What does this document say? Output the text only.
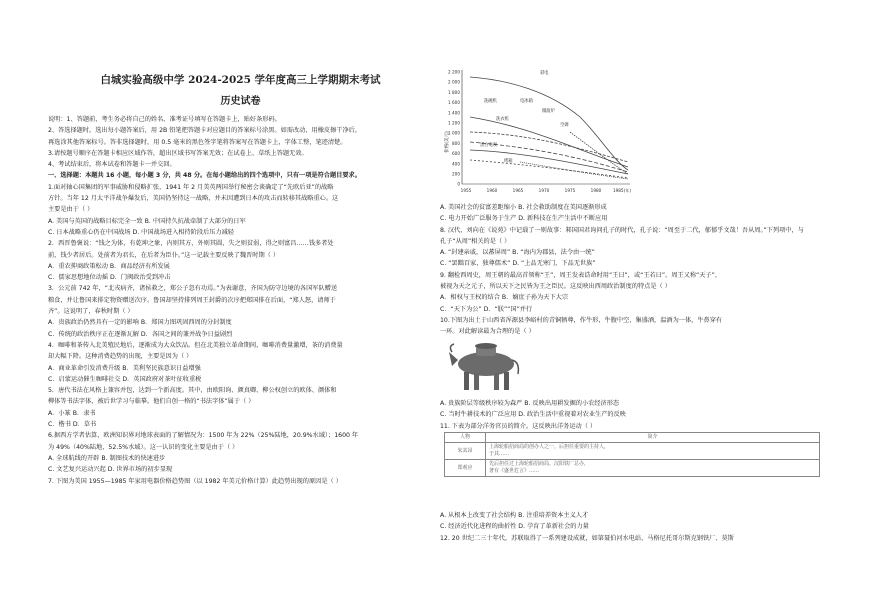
白城实验高级中学 2024-2025 学年度高三上学期期末考试
历史试卷
说明：1、答题前，考生务必将自己的姓名、准考证号填写在答题卡上，贴好条形码。
2、答选择题时，选出每小题答案后，用 2B 铅笔把答题卡对应题目的答案标号涂黑。如需改动，用橡皮擦干净后，
再选涂其他答案标号。答非选择题时，用 0.5 毫米的黑色签字笔将答案写在答题卡上，字体工整，笔迹清楚。
3.请按题号顺序在答题卡相应区域作答，超出区域书写答案无效；在试卷上、草纸上答题无效。
4、考试结束后，将本试卷和答题卡一并交回。
一、选择题：本题共 16 小题，每小题 3 分，共 48 分。在每小题给出的四个选项中，只有一项是符合题目要求。
1.面对轴心国集团的军事威胁和侵略扩张，1941 年 2 月美英两国举行秘密会谈确定了“先欧后亚”的战略
方针。当年 12 月太平洋战争爆发后，美国仍坚持这一战略，并未因遭到日本的攻击而转移其战略重心。这
主要是由于（ ）
A. 美国与英国的战略目标完全一致 B. 中国持久抗战牵制了大部分的日军
C. 日本战略重心仍在中国战场 D. 中国战场进入相持阶段后压力减轻
2．西晋鲁褒说：“钱之为体，有乾坤之象，内则其方，外则其圆，失之则贫弱，得之则富昌……钱多者处
前，钱少者居后。处前者为君长，在后者为臣仆。”这一记载主要反映了魏晋时期（ ）
A．重农抑商政策松动 B．商品经济有所发展
C．儒家思想地位动摇 D．门阀政治受到冲击
3．公元前 742 年，“北戎病齐，诸侯救之，郑公子忽有功焉。”为表谢意，齐国为防守边境的各国军队赠送
粮食，并让鲁国来排定物资赠送次序。鲁国却坚持排列周王封爵的次序把郑国排在后面，“郑人怒，请师于
齐”。这说明了，春秋时期（ ）
A．贵族政治仍然具有一定的影响 B．郑国力图巩固西周的分封制度
C．传统的政治秩序正在逐渐瓦解 D．各国之间的兼并战争日益剧烈
4．咖啡和茶传入北美殖民地后，逐渐成为大众饮品。但在北美独立革命期间，咖啡消费量激增，茶的消费量
却大幅下降。这种消费趋势的出现，主要是因为（ ）
A．商业革命引发消费升级 B．美利坚民族意识日益增强
C．启蒙运动催生咖啡社交 D．英国政府对茶叶征收重税
5．唐代书法在风格上兼容并包，达到一个新高度。其中，由欧阳询、颜真卿、柳公权创立的欧体、颜体和
柳体等书法字体，被后世学习与临摹。他们自创一格的“书法字体”属于（ ）
A．小篆 B．隶书
C．楷书 D．草书
6.据西方学者估算，欧洲知识界对地球表面的了解情况为：1500 年为 22%（25%陆地，20.9%水域）；1600 年
为 49%（40%陆地，52.5%水域）。这一认识的变化主要是由于（ ）
A. 全球航线的开辟 B. 制图技术的快速进步
C. 文艺复兴运动兴起 D. 世界市场的初步显现
7. 下图为美国 1955—1985 年家用电器价格趋势图（以 1982 年美元价格计算）此趋势出现的原因是（ ）
2 200
2 000
1 800
1 600
1 400
1 200
1 000
800
600
400
200
0
价格(美元)
1955	1960	1965	1970	1975	1980	1985(年)
彩电
洗碗机	电冰箱
微波炉
空调
洗衣机
黑白电视
烤箱
A. 美国社会的贫富差距缩小 B. 社会救助制度在美国逐渐形成
C. 电力开始广泛服务于生产 D. 新科技在生产生活中不断应用
8. 汉代，刘向在《说苑》中记载了一则故事：邾国国君询问孔子的时代，孔子说：“周至于二代，郁郁乎文哉！吾从周。”下列项中，与
孔子“从周”相关的是（ ）
A. “封建亲戚，以蕃屏周” B. “海内为郡县，法令由一统”
C. “罢黜百家，独尊儒术” D. “上品无寒门，下品无世族”
9. 翻检西周史，周王朝的最高首领称“王”，周王发表诰命时用“王曰”，或“王若曰”。周王又称“天子”，
被视为天之元子，所以天下之民皆为王之臣民。这反映出西周政治制度的特点是（ ）
A．相权与王权的结合 B．嫡庶子孙为天下大宗
C．“天下为公” D．“朕”“国”并行
10.下图为出土于山西省浑源县李峪村的青铜牺尊，作牛形，牛腹中空，集盛酒，温酒为一体，牛鼻穿有
一环。对此解读最为合理的是（ ）
A. 贵族阶层等级秩序较为森严 B. 反映出用耕发掘的小农经济形态
C. 当时牛耕技术的广泛应用 D. 政治生活中重视着对农业生产的反映
11. 下表为部分洋务官员的简介。这反映出洋务运动（ ）
人物	简介
朱其昂	上海轮船招商局的创办人之一，后担任重要的主持人，
于其……

郑观应	先后担任过上海轮船招商局、汉阳铁厂总办，
著有《盛世危言》……
A. 从根本上改变了社会结构 B. 注重培养资本主义人才
C. 经济近代化进程的曲折性 D. 孕育了革新社会的力量
12. 20 世纪二三十年代，苏联取得了一系列建设成就，如第聂伯河水电站、马格尼托哥尔斯克钢铁厂、莫斯
